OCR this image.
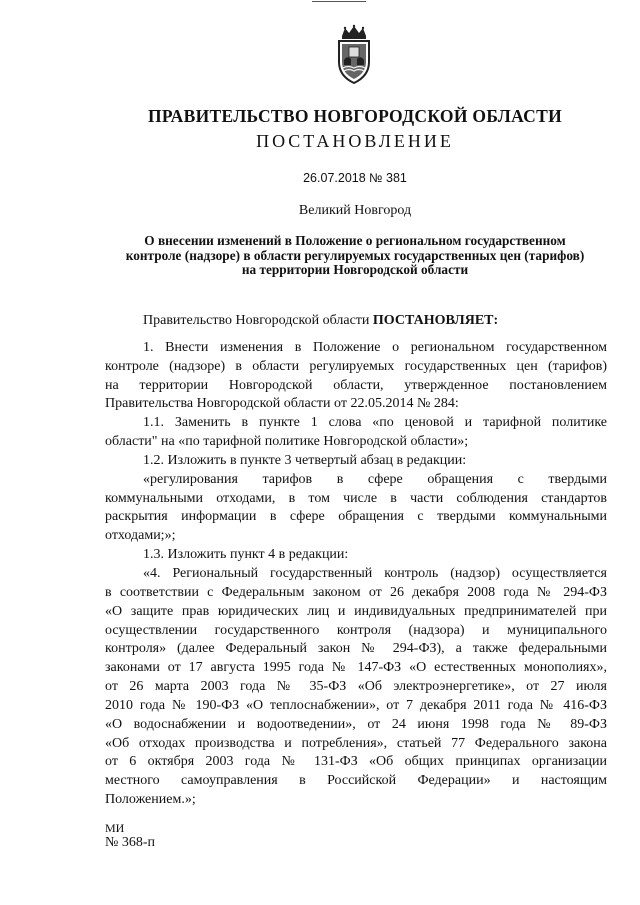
ПРАВИТЕЛЬСТВО НОВГОРОДСКОЙ ОБЛАСТИ
ПОСТАНОВЛЕНИЕ
26.07.2018 № 381
Великий Новгород
О внесении изменений в Положение о региональном государственном
контроле (надзоре) в области регулируемых государственных цен (тарифов)
на территории Новгородской области
Правительство Новгородской области ПОСТАНОВЛЯЕТ:
1. Внести изменения в Положение о региональном государственном
контроле (надзоре) в области регулируемых государственных цен (тарифов)
на территории Новгородской области, утвержденное постановлением
Правительства Новгородской области от 22.05.2014 № 284:
1.1. Заменить в пункте 1 слова «по ценовой и тарифной политике
области" на «по тарифной политике Новгородской области»;
1.2. Изложить в пункте 3 четвертый абзац в редакции:
«регулирования тарифов в сфере обращения с твердыми
коммунальными отходами, в том числе в части соблюдения стандартов
раскрытия информации в сфере обращения с твердыми коммунальными
отходами;»;
1.3. Изложить пункт 4 в редакции:
«4. Региональный государственный контроль (надзор) осуществляется
в соответствии с Федеральным законом от 26 декабря 2008 года № 294-ФЗ
«О защите прав юридических лиц и индивидуальных предпринимателей при
осуществлении государственного контроля (надзора) и муниципального
контроля» (далее Федеральный закон № 294-ФЗ), а также федеральными
законами от 17 августа 1995 года № 147-ФЗ «О естественных монополиях»,
от 26 марта 2003 года № 35-ФЗ «Об электроэнергетике», от 27 июля
2010 года № 190-ФЗ «О теплоснабжении», от 7 декабря 2011 года № 416-ФЗ
«О водоснабжении и водоотведении», от 24 июня 1998 года № 89-ФЗ
«Об отходах производства и потребления», статьей 77 Федерального закона
от 6 октября 2003 года № 131-ФЗ «Об общих принципах организации
местного самоуправления в Российской Федерации» и настоящим
Положением.»;
МИ
№ 368-п
